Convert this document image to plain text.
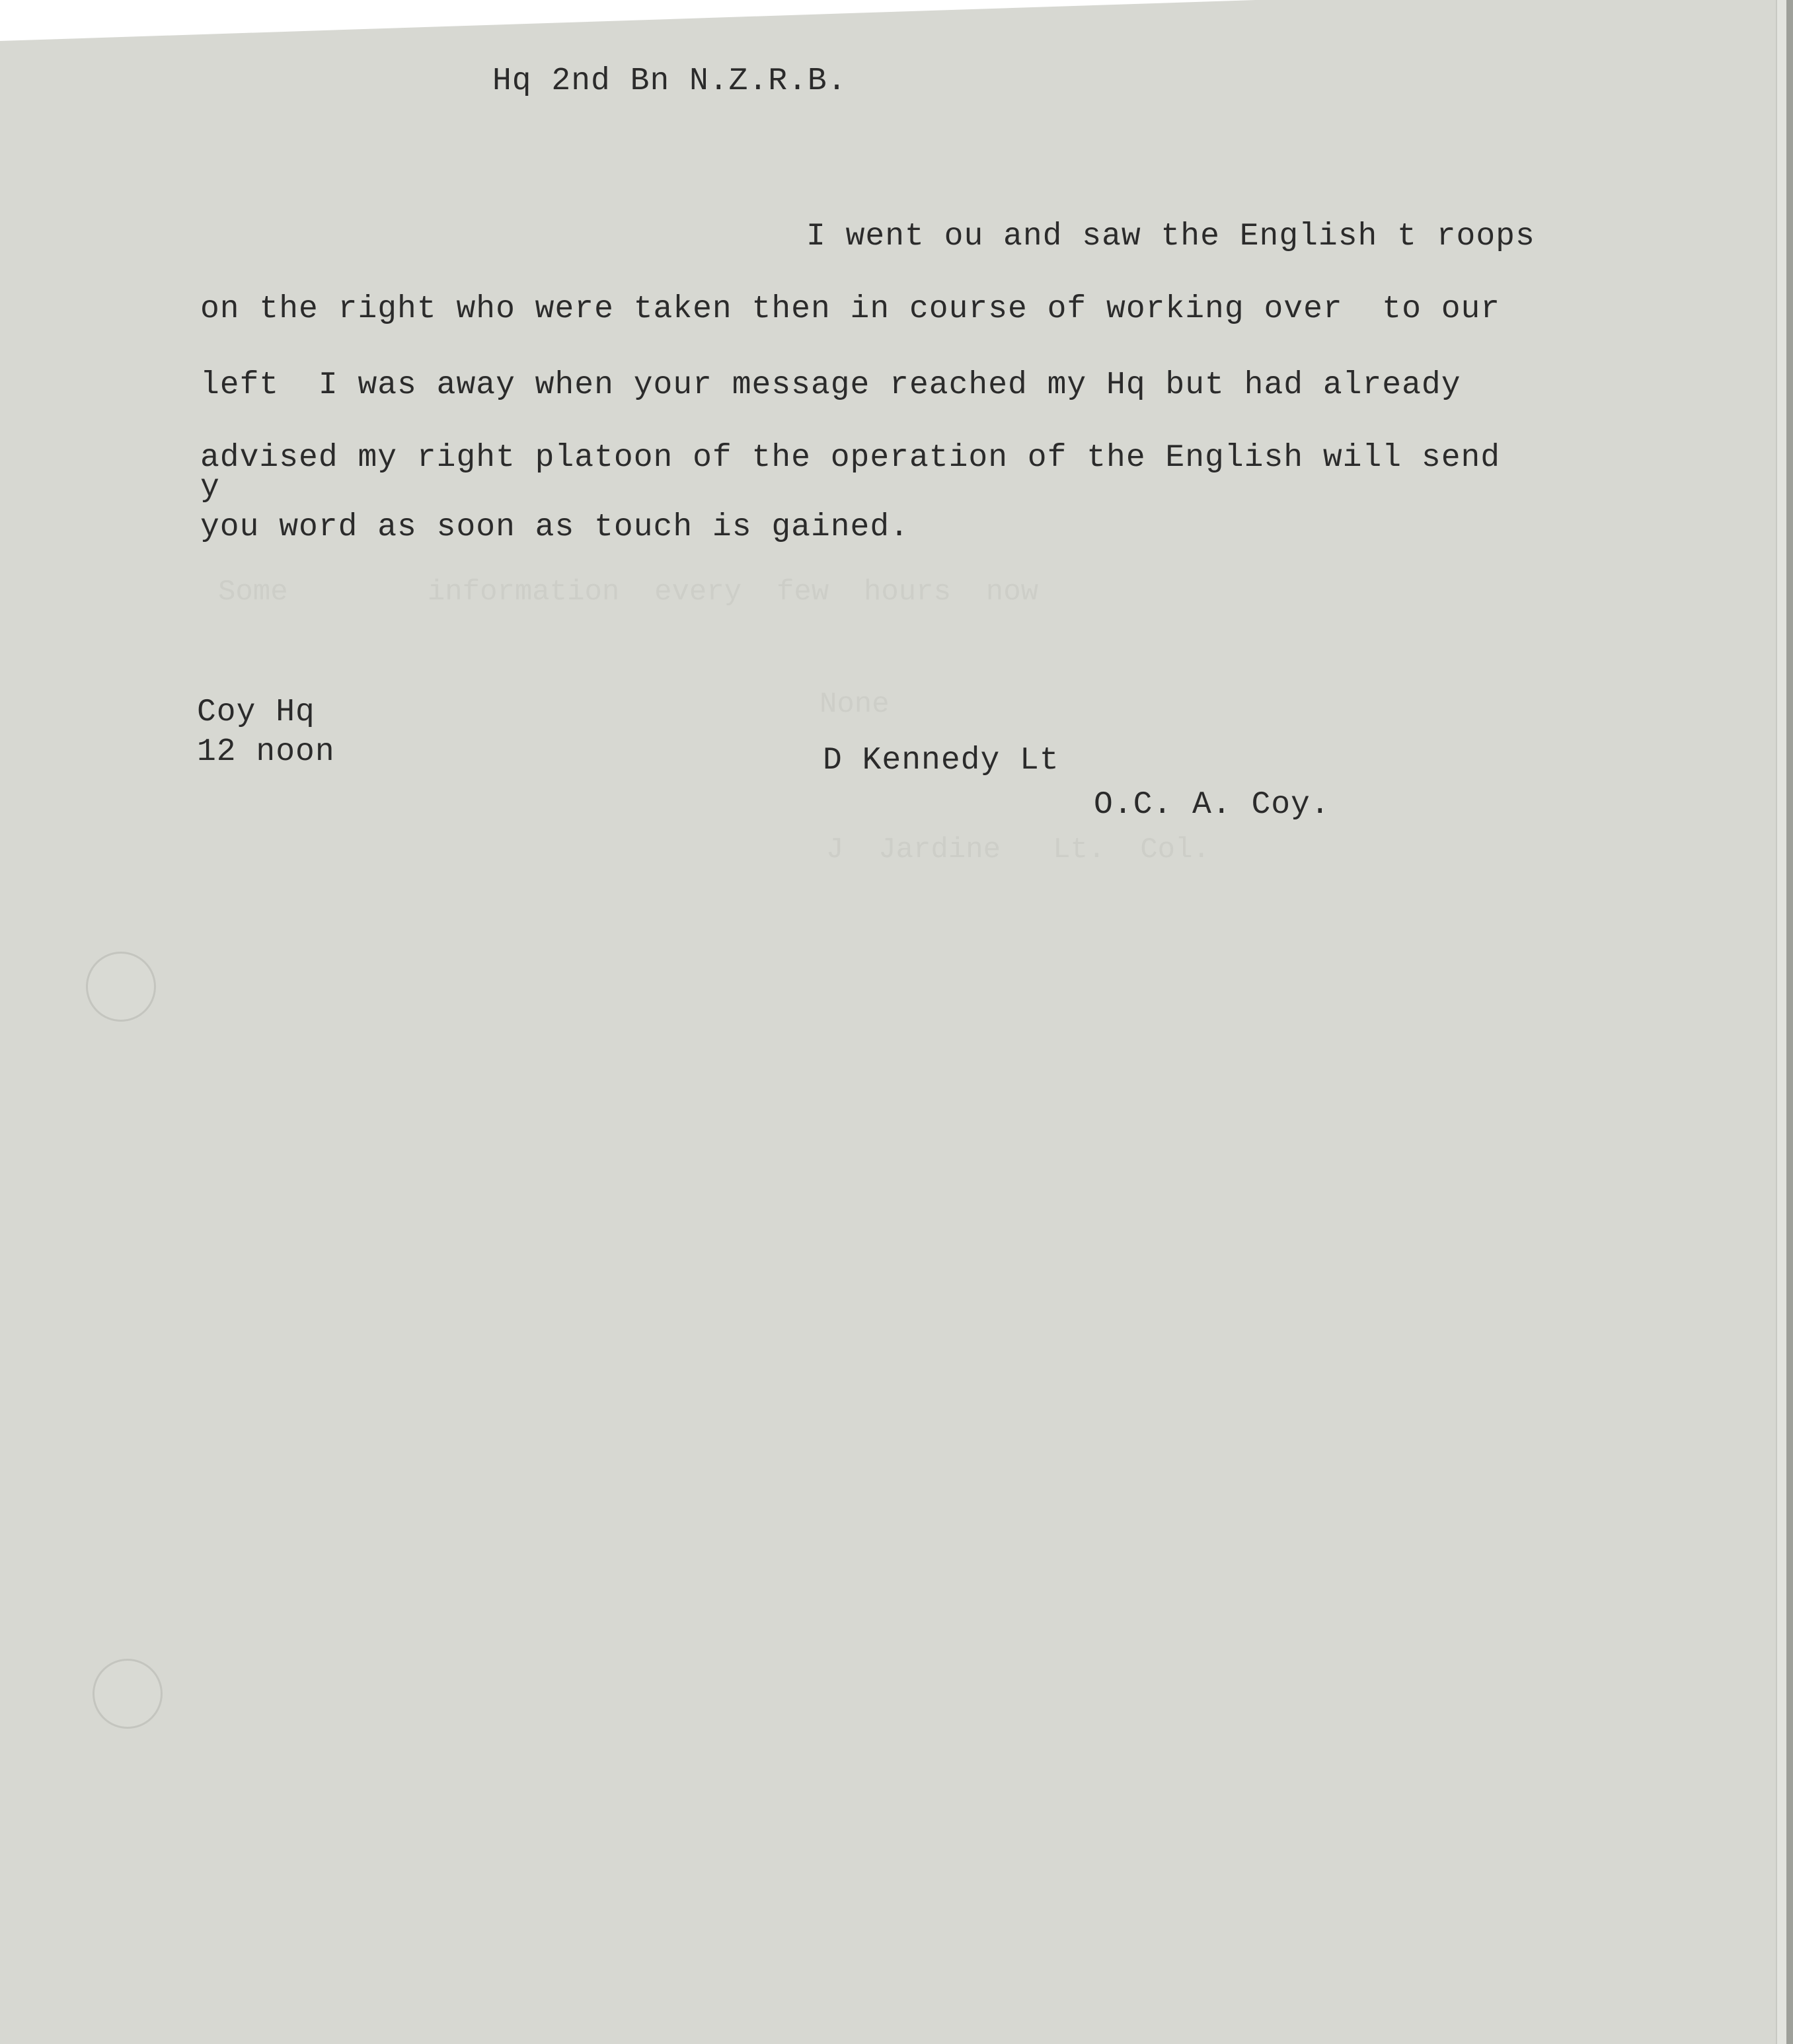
Some        information  every  few  hours  now
None
J  Jardine   Lt.  Col.
Hq 2nd Bn N.Z.R.B.
I went ou and saw the English t roops
on the right who were taken then in course of working over  to our
left  I was away when your message reached my Hq but had already
advised my right platoon of the operation of the English will send
y
you word as soon as touch is gained.
Coy Hq
12 noon	D Kennedy Lt
O.C. A. Coy.
